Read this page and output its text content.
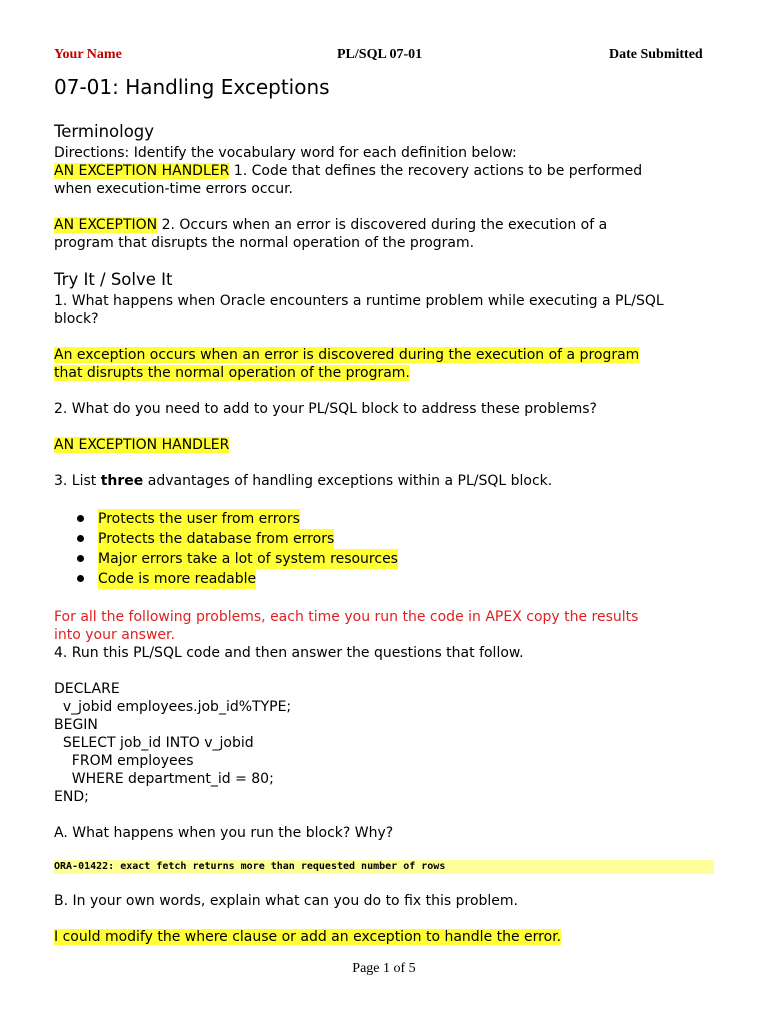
Your Name	PL/SQL 07-01	Date Submitted
07-01: Handling Exceptions
Terminology
Directions: Identify the vocabulary word for each definition below:
AN EXCEPTION HANDLER 1. Code that defines the recovery actions to be performed
when execution-time errors occur.
AN EXCEPTION 2. Occurs when an error is discovered during the execution of a
program that disrupts the normal operation of the program.
Try It / Solve It
1. What happens when Oracle encounters a runtime problem while executing a PL/SQL
block?
An exception occurs when an error is discovered during the execution of a program
that disrupts the normal operation of the program.
2. What do you need to add to your PL/SQL block to address these problems?
AN EXCEPTION HANDLER
3. List three advantages of handling exceptions within a PL/SQL block.
Protects the user from errors
Protects the database from errors
Major errors take a lot of system resources
Code is more readable
For all the following problems, each time you run the code in APEX copy the results
into your answer.
4. Run this PL/SQL code and then answer the questions that follow.
DECLARE
v_jobid employees.job_id%TYPE;
BEGIN
SELECT job_id INTO v_jobid
FROM employees
WHERE department_id = 80;
END;
A. What happens when you run the block? Why?
ORA-01422: exact fetch returns more than requested number of rows
B. In your own words, explain what can you do to fix this problem.
I could modify the where clause or add an exception to handle the error.
Page 1 of 5
